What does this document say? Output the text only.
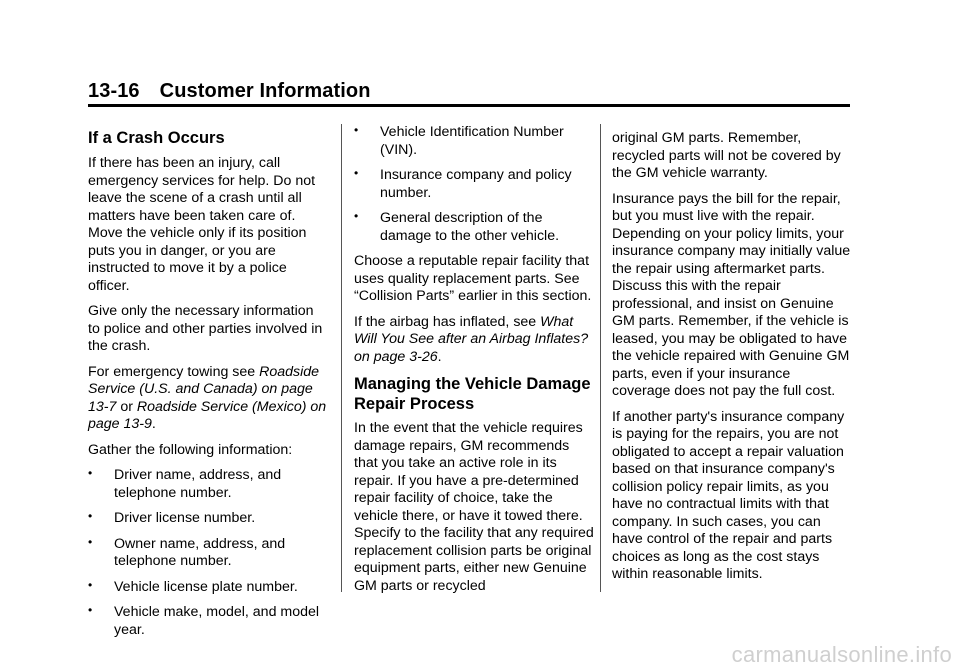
13-16 Customer Information
If a Crash Occurs

If there has been an injury, call emergency services for help. Do not leave the scene of a crash until all matters have been taken care of. Move the vehicle only if its position puts you in danger, or you are instructed to move it by a police officer.

Give only the necessary information to police and other parties involved in the crash.

For emergency towing see Roadside Service (U.S. and Canada) on page 13-7 or Roadside Service (Mexico) on page 13-9.

Gather the following information:

• Driver name, address, and telephone number.
• Driver license number.
• Owner name, address, and telephone number.
• Vehicle license plate number.
• Vehicle make, model, and model year.
• Vehicle Identification Number (VIN).
• Insurance company and policy number.
• General description of the damage to the other vehicle.

Choose a reputable repair facility that uses quality replacement parts. See “Collision Parts” earlier in this section.

If the airbag has inflated, see What Will You See after an Airbag Inflates? on page 3-26.

Managing the Vehicle Damage Repair Process

In the event that the vehicle requires damage repairs, GM recommends that you take an active role in its repair. If you have a pre-determined repair facility of choice, take the vehicle there, or have it towed there. Specify to the facility that any required replacement collision parts be original equipment parts, either new Genuine GM parts or recycled

original GM parts. Remember, recycled parts will not be covered by the GM vehicle warranty.

Insurance pays the bill for the repair, but you must live with the repair. Depending on your policy limits, your insurance company may initially value the repair using aftermarket parts. Discuss this with the repair professional, and insist on Genuine GM parts. Remember, if the vehicle is leased, you may be obligated to have the vehicle repaired with Genuine GM parts, even if your insurance coverage does not pay the full cost.

If another party's insurance company is paying for the repairs, you are not obligated to accept a repair valuation based on that insurance company's collision policy repair limits, as you have no contractual limits with that company. In such cases, you can have control of the repair and parts choices as long as the cost stays within reasonable limits.

carmanualsonline.info
